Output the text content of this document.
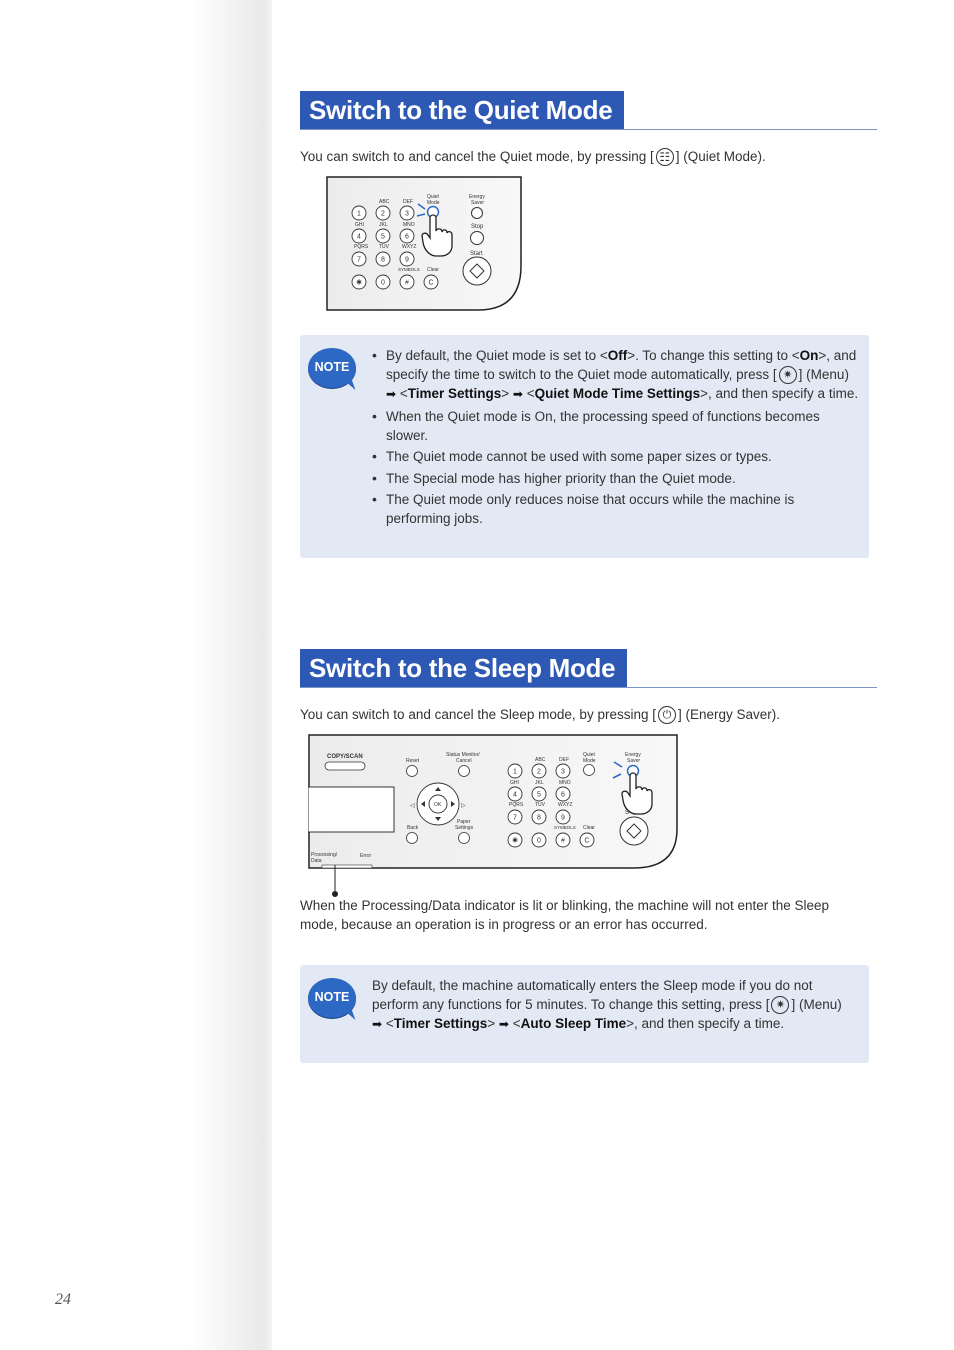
Switch to the Quiet Mode
You can switch to and cancel the Quiet mode, by pressing [ ☷ ] (Quiet Mode).
1	2	3
4	5	6
7	8	9
✱	0	#	C
ABC	DEF
GHI	JKL	MNO
PQRS TUV	WXYZ
SYMBOLS Clear
Quiet
Mode
Energy
Saver
Stop
Start
NOTE
• By default, the Quiet mode is set to <Off>. To change this setting to <On>, and specify the time to switch to the Quiet mode automatically, press [ ✷ ] (Menu) ➡ <Timer Settings> ➡ <Quiet Mode Time Settings>, and then specify a time.
• When the Quiet mode is On, the processing speed of functions becomes slower.
• The Quiet mode cannot be used with some paper sizes or types.
• The Special mode has higher priority than the Quiet mode.
• The Quiet mode only reduces noise that occurs while the machine is performing jobs.
Switch to the Sleep Mode
You can switch to and cancel the Sleep mode, by pressing [ ⏻ ] (Energy Saver).
COPY/SCAN
Reset
Status Monitor/
Cancel
OK
◁	▷
Back
Paper
Settings
1	2	3
4	5	6
7	8	9
✱	0	#	C
ABC	DEF
GHI	JKL	MNO
PQRS TUV	WXYZ
SYMBOLS Clear
Quiet
Mode
Energy
Saver
S
Processing/
Data
Error
When the Processing/Data indicator is lit or blinking, the machine will not enter the Sleep mode, because an operation is in progress or an error has occurred.
NOTE
By default, the machine automatically enters the Sleep mode if you do not perform any functions for 5 minutes. To change this setting, press [ ✷ ] (Menu) ➡ <Timer Settings> ➡ <Auto Sleep Time>, and then specify a time.
24
